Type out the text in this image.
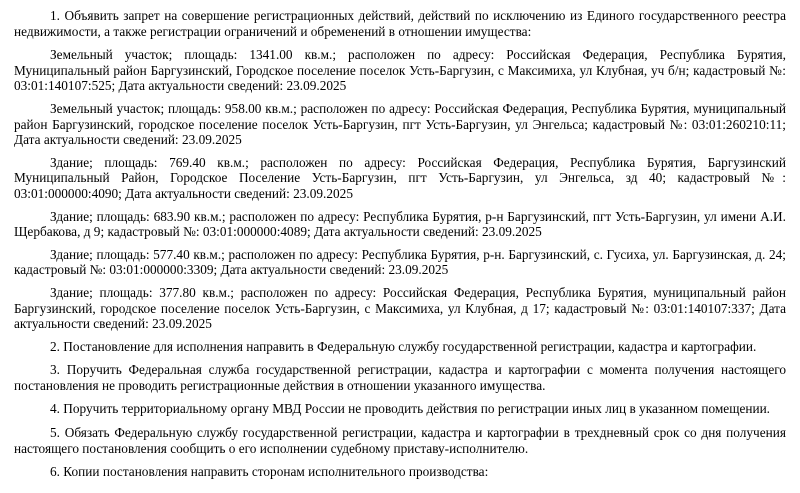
1. Объявить запрет на совершение регистрационных действий, действий по исключению из Единого государственного реестра недвижимости, а также регистрации ограничений и обременений в отношении имущества:

Земельный участок; площадь: 1341.00 кв.м.; расположен по адресу: Российская Федерация, Республика Бурятия, Муниципальный район Баргузинский, Городское поселение поселок Усть-Баргузин, с Максимиха, ул Клубная, уч б/н; кадастровый №: 03:01:140107:525; Дата актуальности сведений: 23.09.2025

Земельный участок; площадь: 958.00 кв.м.; расположен по адресу: Российская Федерация, Республика Бурятия, муниципальный район Баргузинский, городское поселение поселок Усть-Баргузин, пгт Усть-Баргузин, ул Энгельса; кадастровый №: 03:01:260210:11; Дата актуальности сведений: 23.09.2025

Здание; площадь: 769.40 кв.м.; расположен по адресу: Российская Федерация, Республика Бурятия, Баргузинский Муниципальный Район, Городское Поселение Усть-Баргузин, пгт Усть-Баргузин, ул Энгельса, зд 40; кадастровый №: 03:01:000000:4090; Дата актуальности сведений: 23.09.2025

Здание; площадь: 683.90 кв.м.; расположен по адресу: Республика Бурятия, р-н Баргузинский, пгт Усть-Баргузин, ул имени А.И. Щербакова, д 9; кадастровый №: 03:01:000000:4089; Дата актуальности сведений: 23.09.2025

Здание; площадь: 577.40 кв.м.; расположен по адресу: Республика Бурятия, р-н. Баргузинский, с. Гусиха, ул. Баргузинская, д. 24; кадастровый №: 03:01:000000:3309; Дата актуальности сведений: 23.09.2025

Здание; площадь: 377.80 кв.м.; расположен по адресу: Российская Федерация, Республика Бурятия, муниципальный район Баргузинский, городское поселение поселок Усть-Баргузин, с Максимиха, ул Клубная, д 17; кадастровый №: 03:01:140107:337; Дата актуальности сведений: 23.09.2025

2. Постановление для исполнения направить в Федеральную службу государственной регистрации, кадастра и картографии.

3. Поручить Федеральная служба государственной регистрации, кадастра и картографии с момента получения настоящего постановления не проводить регистрационные действия в отношении указанного имущества.

4. Поручить территориальному органу МВД России не проводить действия по регистрации иных лиц в указанном помещении.

5. Обязать Федеральную службу государственной регистрации, кадастра и картографии в трехдневный срок со дня получения настоящего постановления сообщить о его исполнении судебному приставу-исполнителю.

6. Копии постановления направить сторонам исполнительного производства:
